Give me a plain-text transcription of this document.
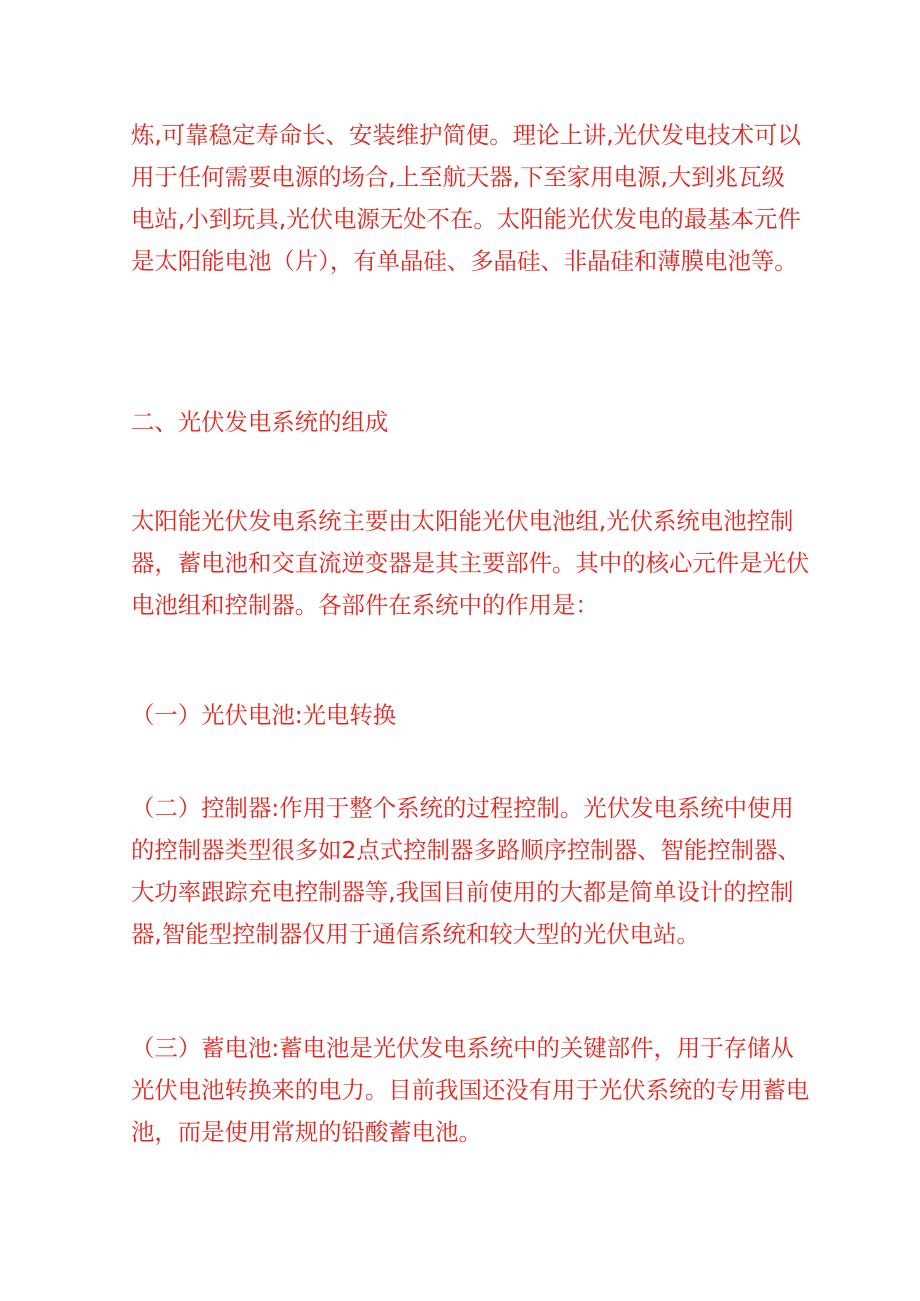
炼,可靠稳定寿命长、安装维护简便。理论上讲,光伏发电技术可以
用于任何需要电源的场合,上至航天器,下至家用电源,大到兆瓦级
电站,小到玩具,光伏电源无处不在。太阳能光伏发电的最基本元件
是太阳能电池（片），有单晶硅、多晶硅、非晶硅和薄膜电池等。
二、光伏发电系统的组成
太阳能光伏发电系统主要由太阳能光伏电池组,光伏系统电池控制
器，蓄电池和交直流逆变器是其主要部件。其中的核心元件是光伏
电池组和控制器。各部件在系统中的作用是：
（一）光伏电池:光电转换
（二）控制器:作用于整个系统的过程控制。光伏发电系统中使用
的控制器类型很多如2点式控制器多路顺序控制器、智能控制器、
大功率跟踪充电控制器等,我国目前使用的大都是简单设计的控制
器,智能型控制器仅用于通信系统和较大型的光伏电站。
（三）蓄电池:蓄电池是光伏发电系统中的关键部件，用于存储从
光伏电池转换来的电力。目前我国还没有用于光伏系统的专用蓄电
池，而是使用常规的铅酸蓄电池。
